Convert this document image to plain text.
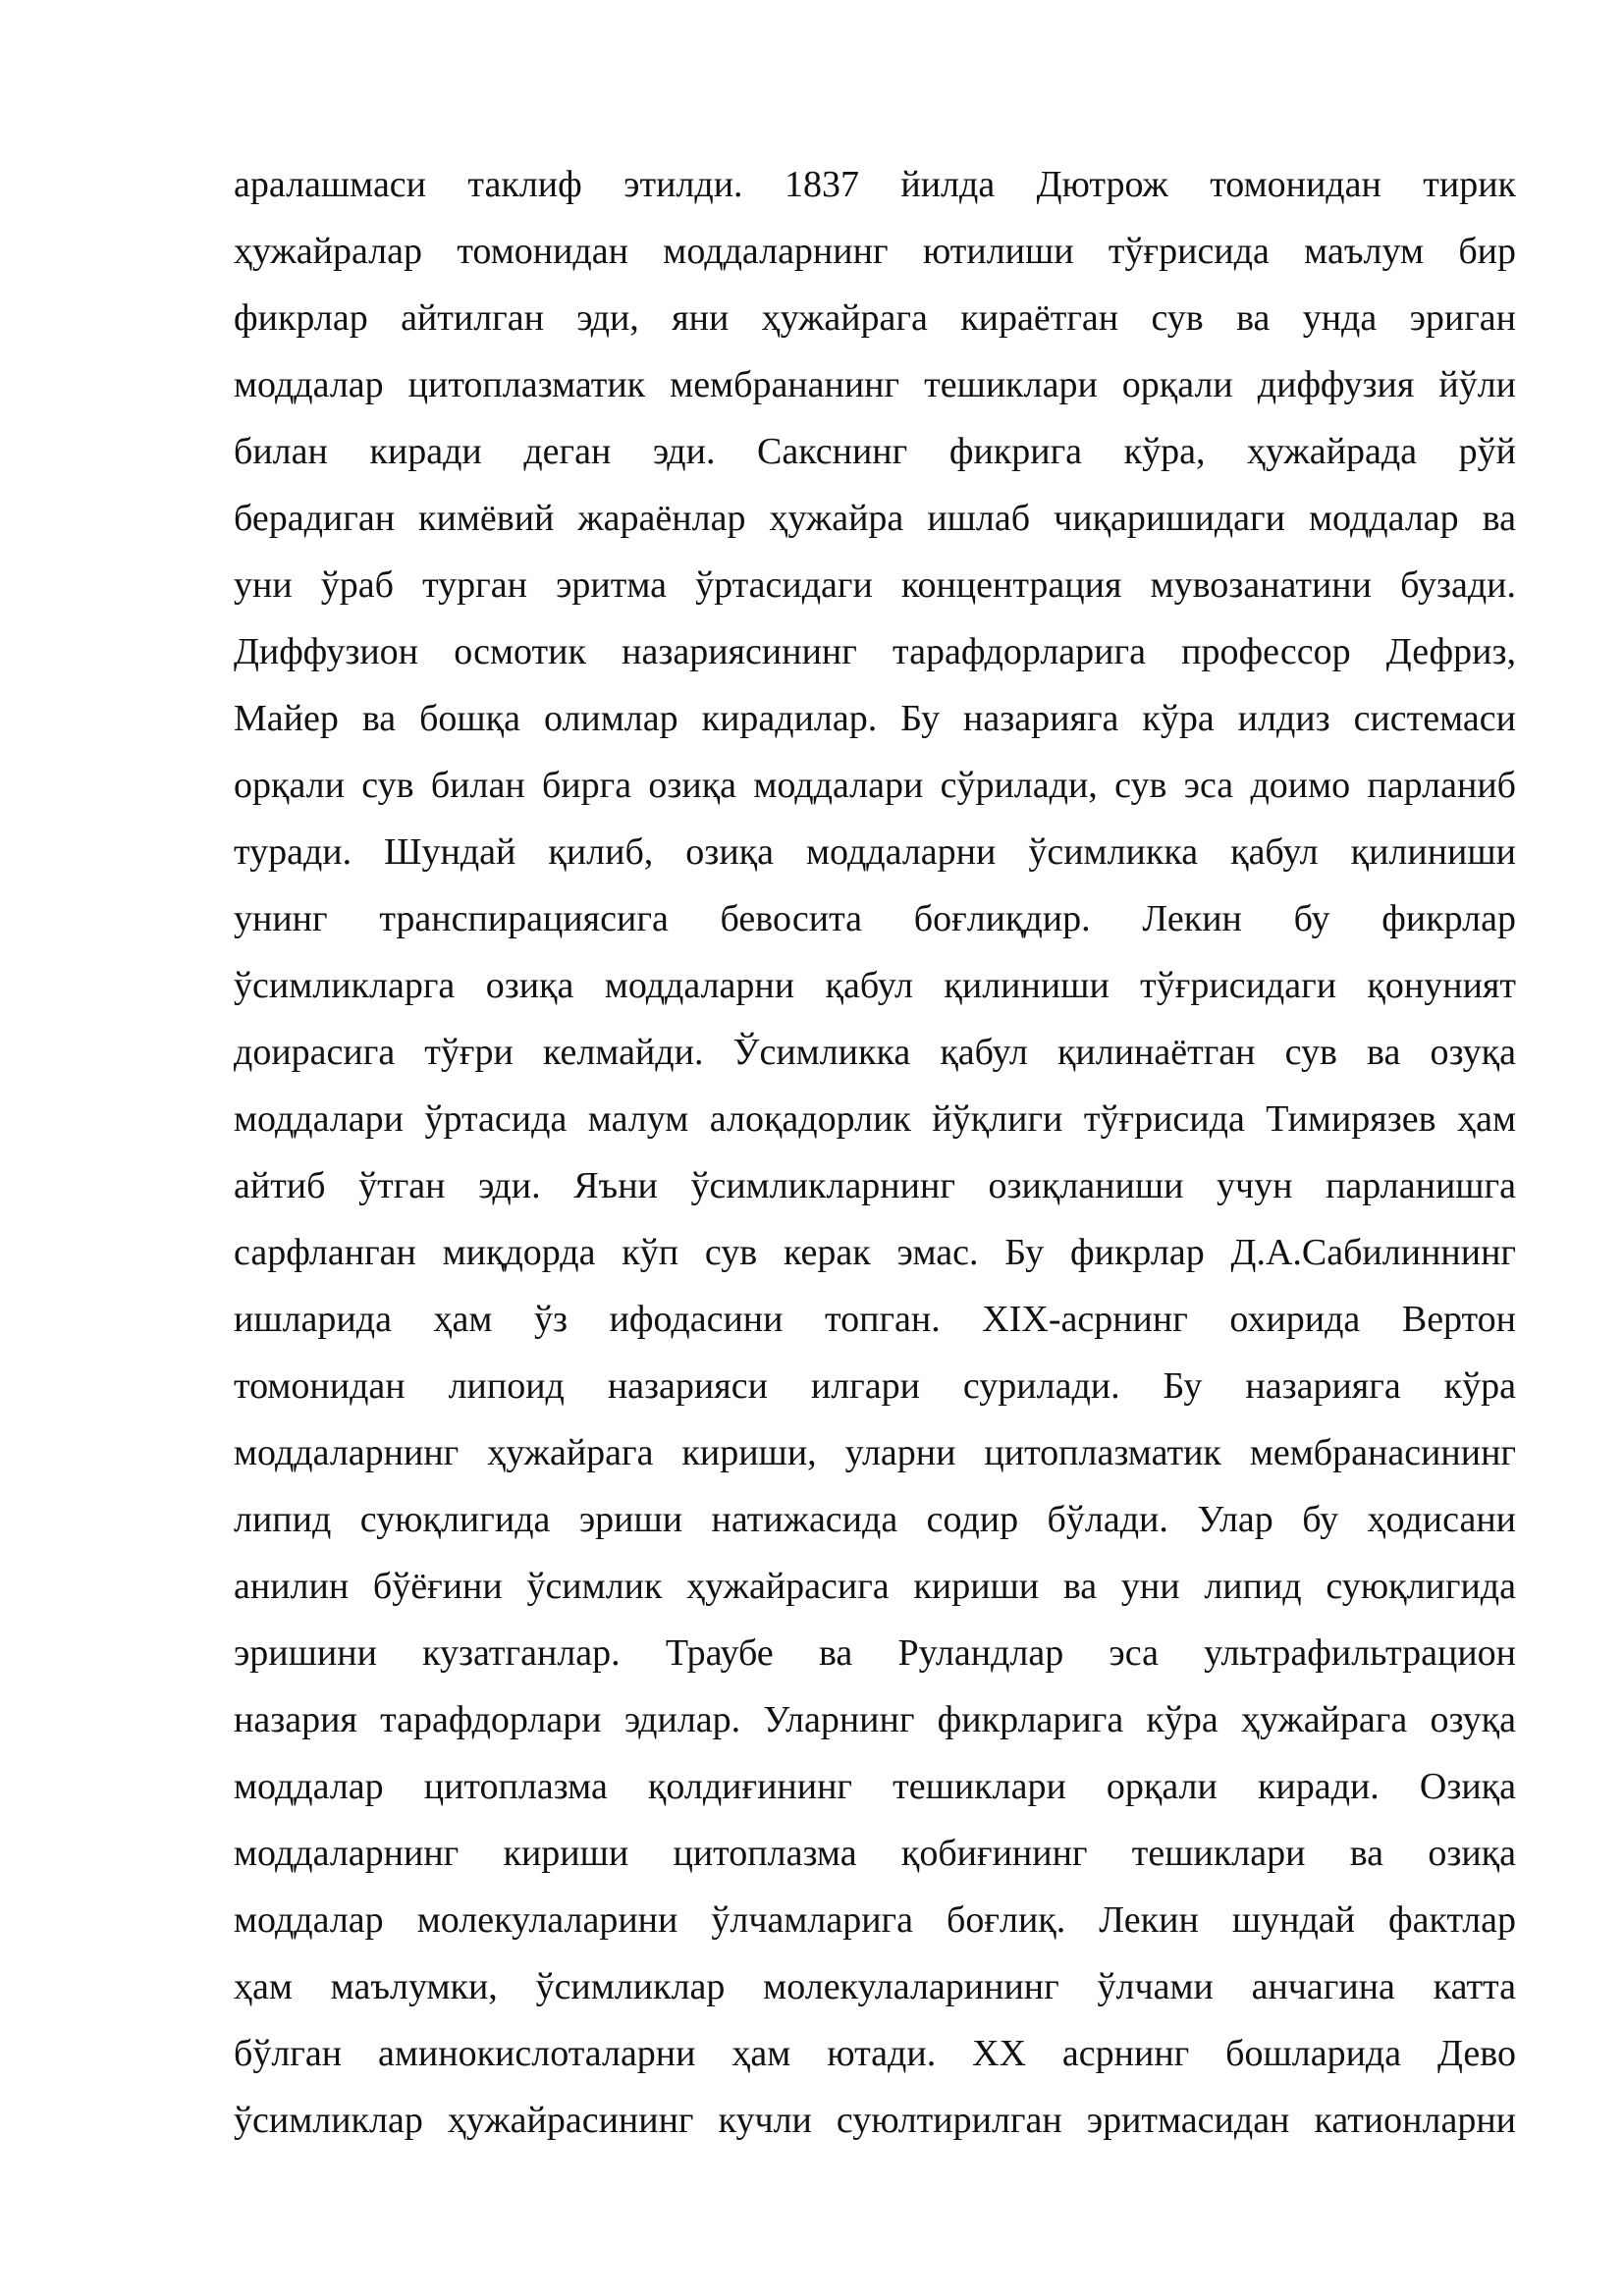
аралашмаси таклиф этилди. 1837 йилда Дютрож томонидан тирик
ҳужайралар томонидан моддаларнинг ютилиши тўғрисида маълум бир
фикрлар айтилган эди, яни ҳужайрага кираётган сув ва унда эриган
моддалар цитоплазматик мембрананинг тешиклари орқали диффузия йўли
билан киради деган эди. Сакснинг фикрига кўра, ҳужайрада рўй
берадиган кимёвий жараёнлар ҳужайра ишлаб чиқаришидаги моддалар ва
уни ўраб турган эритма ўртасидаги концентрация мувозанатини бузади.
Диффузион осмотик назариясининг тарафдорларига профессор Дефриз,
Майер ва бошқа олимлар кирадилар. Бу назарияга кўра илдиз системаси
орқали сув билан бирга озиқа моддалари сўрилади, сув эса доимо парланиб
туради. Шундай қилиб, озиқа моддаларни ўсимликка қабул қилиниши
унинг транспирациясига бевосита боғлиқдир. Лекин бу фикрлар
ўсимликларга озиқа моддаларни қабул қилиниши тўғрисидаги қонуният
доирасига тўғри келмайди. Ўсимликка қабул қилинаётган сув ва озуқа
моддалари ўртасида малум алоқадорлик йўқлиги тўғрисида Тимирязев ҳам
айтиб ўтган эди. Яъни ўсимликларнинг озиқланиши учун парланишга
сарфланган миқдорда кўп сув керак эмас. Бу фикрлар Д.А.Сабилиннинг
ишларида ҳам ўз ифодасини топган. XIX-асрнинг охирида Вертон
томонидан липоид назарияси илгари сурилади. Бу назарияга кўра
моддаларнинг ҳужайрага кириши, уларни цитоплазматик мембранасининг
липид суюқлигида эриши натижасида содир бўлади. Улар бу ҳодисани
анилин бўёғини ўсимлик ҳужайрасига кириши ва уни липид суюқлигида
эришини кузатганлар. Траубе ва Руландлар эса ультрафильтрацион
назария тарафдорлари эдилар. Уларнинг фикрларига кўра ҳужайрага озуқа
моддалар цитоплазма қолдиғининг тешиклари орқали киради. Озиқа
моддаларнинг кириши цитоплазма қобиғининг тешиклари ва озиқа
моддалар молекулаларини ўлчамларига боғлиқ. Лекин шундай фактлар
ҳам маълумки, ўсимликлар молекулаларининг ўлчами анчагина катта
бўлган аминокислоталарни ҳам ютади. XX асрнинг бошларида Дево
ўсимликлар ҳужайрасининг кучли суюлтирилган эритмасидан катионларни
